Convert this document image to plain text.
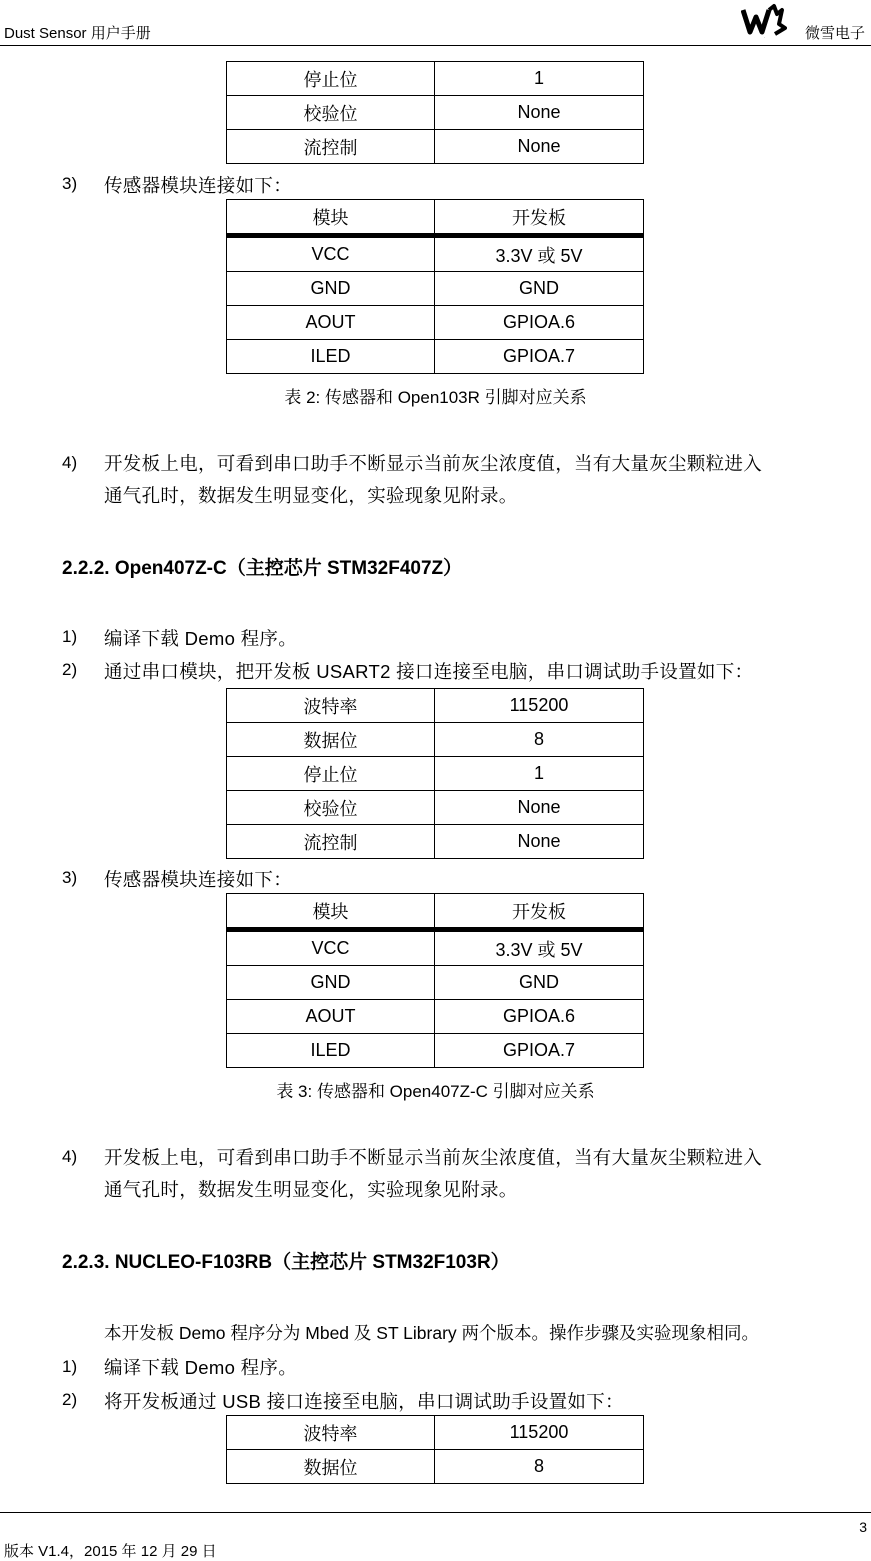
Dust Sensor 用户手册	W	微雪电子
停止位	1
校验位	None
流控制	None
3) 传感器模块连接如下：
模块	开发板
VCC	3.3V 或 5V
GND	GND
AOUT	GPIOA.6
ILED	GPIOA.7
表 2: 传感器和 Open103R 引脚对应关系
4) 开发板上电，可看到串口助手不断显示当前灰尘浓度值，当有大量灰尘颗粒进入
通气孔时，数据发生明显变化，实验现象见附录。
2.2.2. Open407Z-C（主控芯片 STM32F407Z）
1) 编译下载 Demo 程序。
2) 通过串口模块，把开发板 USART2 接口连接至电脑，串口调试助手设置如下：
波特率	115200
数据位	8
停止位	1
校验位	None
流控制	None
3) 传感器模块连接如下：
模块	开发板
VCC	3.3V 或 5V
GND	GND
AOUT	GPIOA.6
ILED	GPIOA.7
表 3: 传感器和 Open407Z-C 引脚对应关系
4) 开发板上电，可看到串口助手不断显示当前灰尘浓度值，当有大量灰尘颗粒进入
通气孔时，数据发生明显变化，实验现象见附录。
2.2.3. NUCLEO-F103RB（主控芯片 STM32F103R）
本开发板 Demo 程序分为 Mbed 及 ST Library 两个版本。操作步骤及实验现象相同。
1) 编译下载 Demo 程序。
2) 将开发板通过 USB 接口连接至电脑，串口调试助手设置如下：
波特率	115200
数据位	8
3
版本 V1.4，2015 年 12 月 29 日
